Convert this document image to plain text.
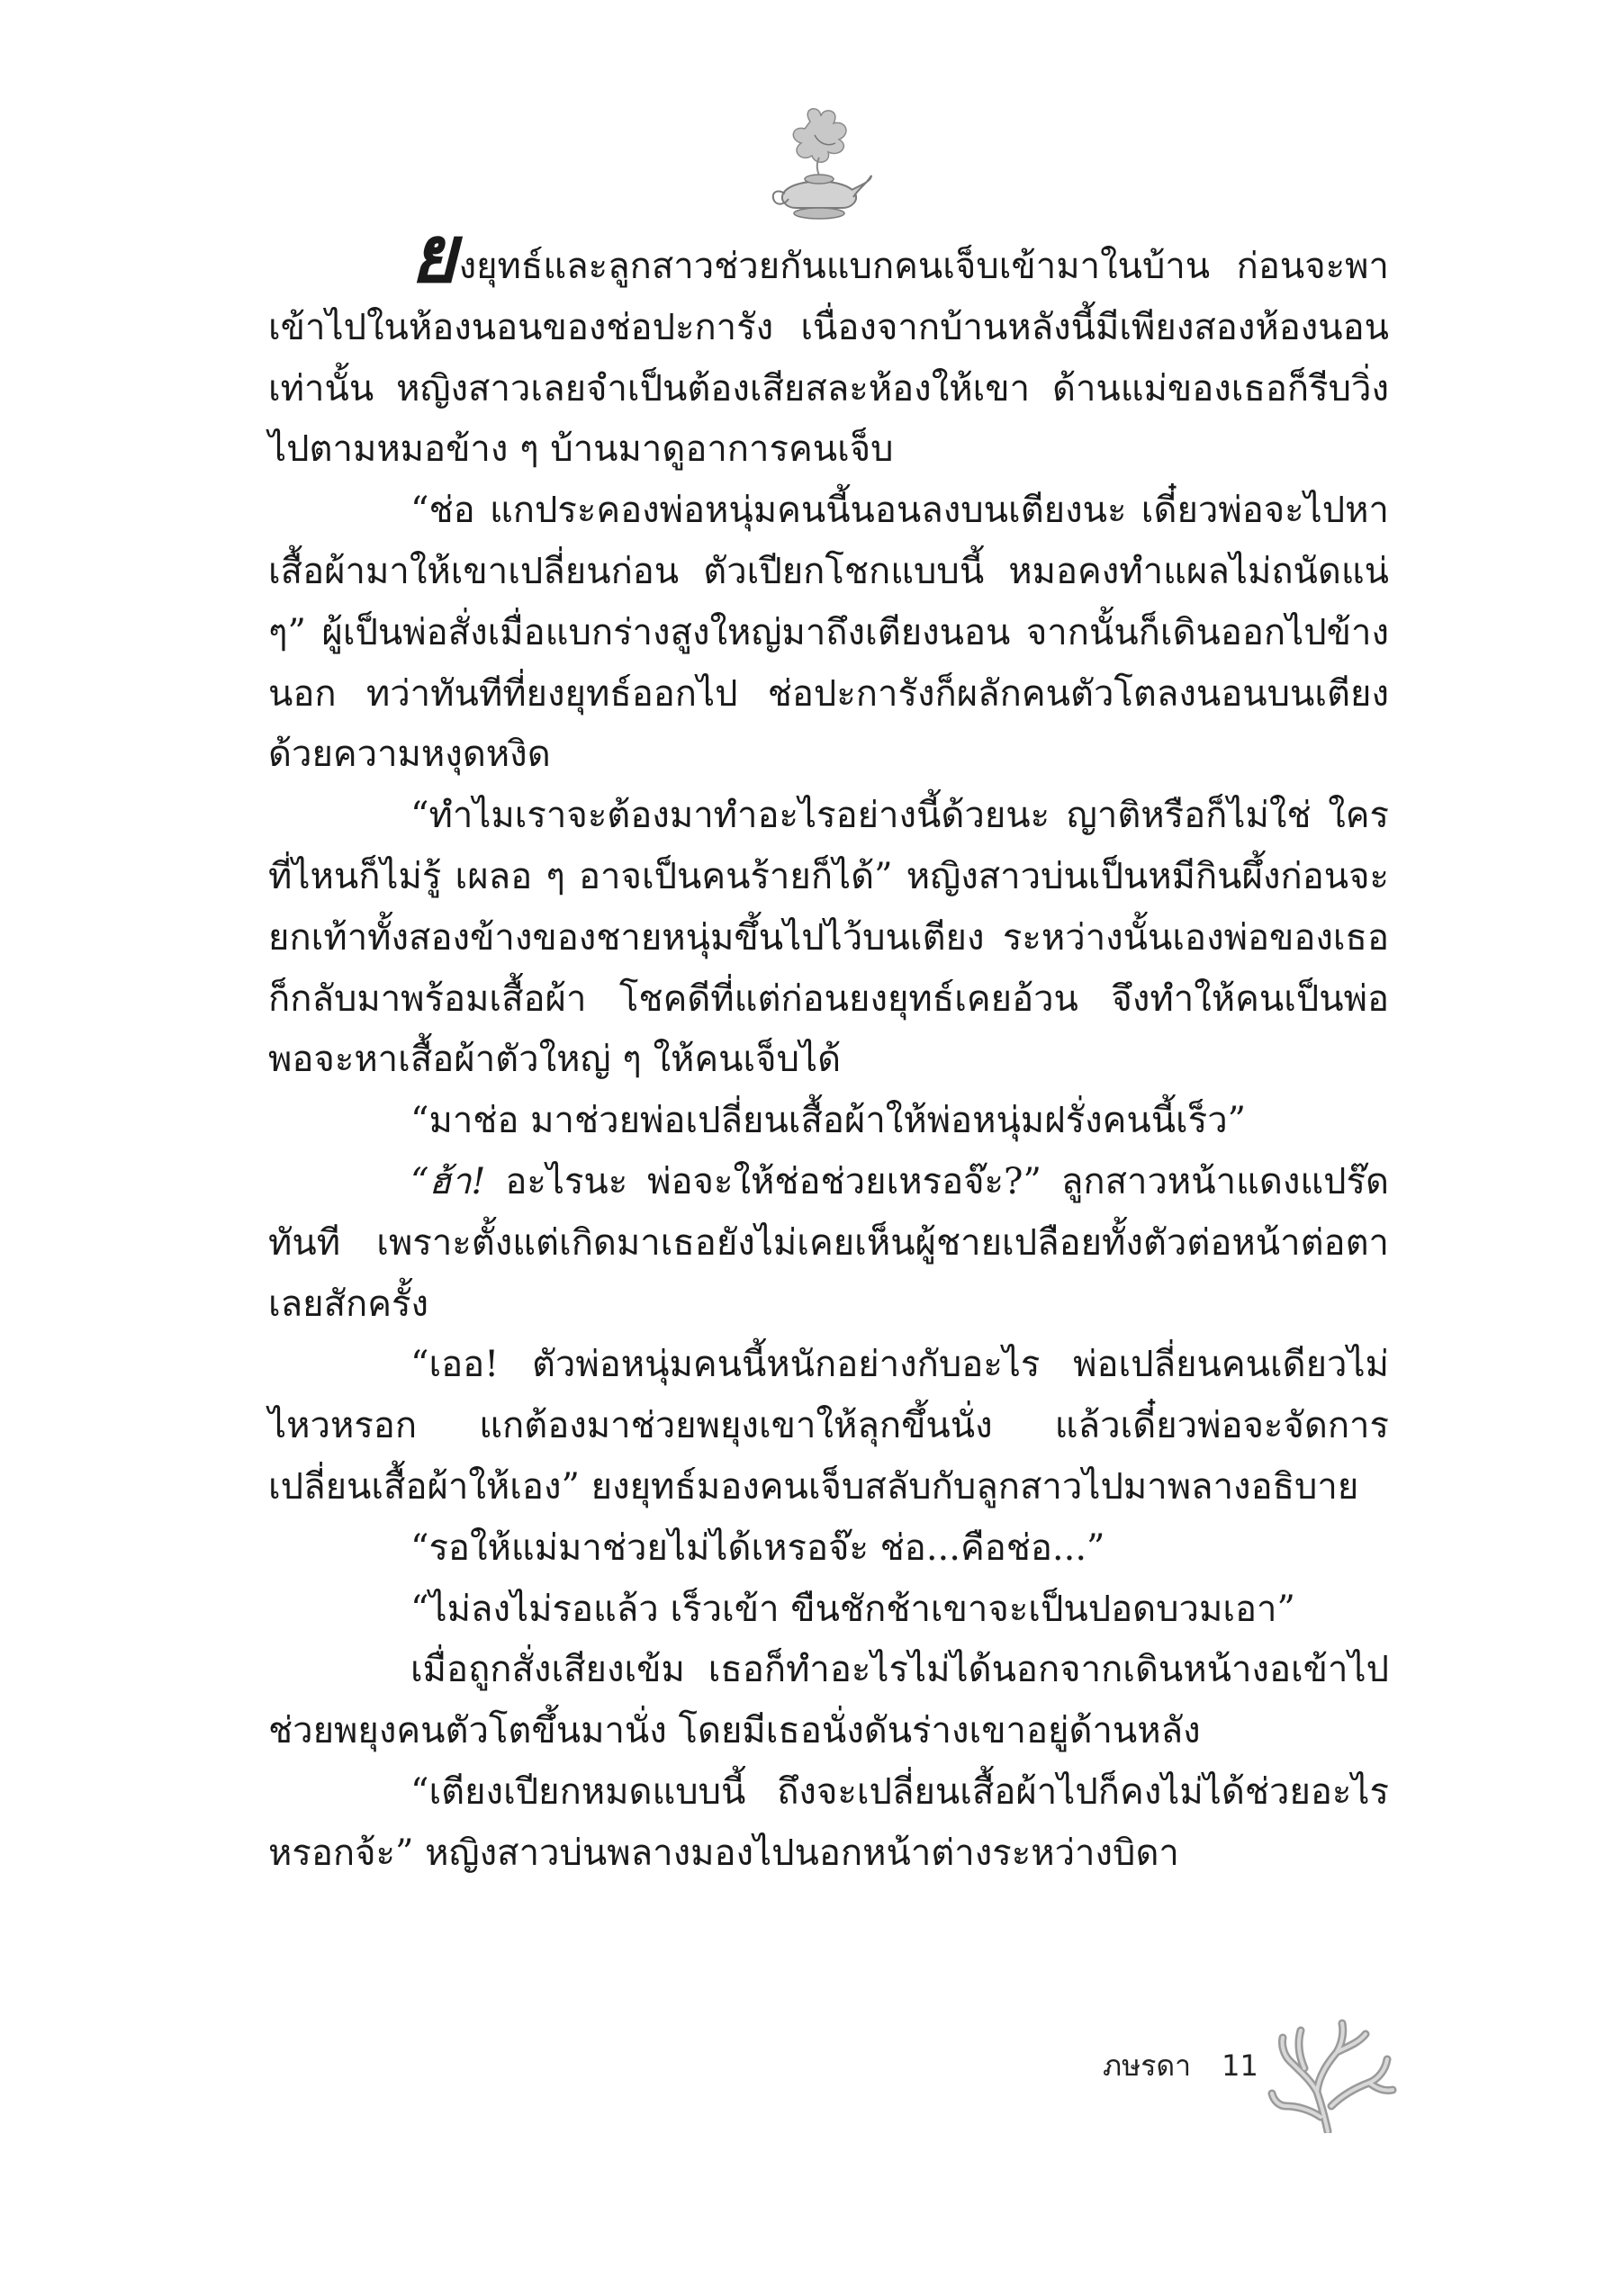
ยงยุทธ์และลูกสาวช่วยกันแบกคนเจ็บเข้ามาในบ้าน ก่อนจะพาเข้าไปในห้องนอนของช่อปะการัง เนื่องจากบ้านหลังนี้มีเพียงสองห้องนอนเท่านั้น หญิงสาวเลยจำเป็นต้องเสียสละห้องให้เขา ด้านแม่ของเธอก็รีบวิ่งไปตามหมอข้าง ๆ บ้านมาดูอาการคนเจ็บ

“ช่อ แกประคองพ่อหนุ่มคนนี้นอนลงบนเตียงนะ เดี๋ยวพ่อจะไปหาเสื้อผ้ามาให้เขาเปลี่ยนก่อน ตัวเปียกโชกแบบนี้ หมอคงทำแผลไม่ถนัดแน่ ๆ” ผู้เป็นพ่อสั่งเมื่อแบกร่างสูงใหญ่มาถึงเตียงนอน จากนั้นก็เดินออกไปข้างนอก ทว่าทันทีที่ยงยุทธ์ออกไป ช่อปะการังก็ผลักคนตัวโตลงนอนบนเตียงด้วยความหงุดหงิด

“ทำไมเราจะต้องมาทำอะไรอย่างนี้ด้วยนะ ญาติหรือก็ไม่ใช่ ใครที่ไหนก็ไม่รู้ เผลอ ๆ อาจเป็นคนร้ายก็ได้” หญิงสาวบ่นเป็นหมีกินผึ้งก่อนจะยกเท้าทั้งสองข้างของชายหนุ่มขึ้นไปไว้บนเตียง ระหว่างนั้นเองพ่อของเธอก็กลับมาพร้อมเสื้อผ้า โชคดีที่แต่ก่อนยงยุทธ์เคยอ้วน จึงทำให้คนเป็นพ่อพอจะหาเสื้อผ้าตัวใหญ่ ๆ ให้คนเจ็บได้

“มาช่อ มาช่วยพ่อเปลี่ยนเสื้อผ้าให้พ่อหนุ่มฝรั่งคนนี้เร็ว”

“ฮ้า! อะไรนะ พ่อจะให้ช่อช่วยเหรอจ๊ะ?” ลูกสาวหน้าแดงแปร๊ดทันที เพราะตั้งแต่เกิดมาเธอยังไม่เคยเห็นผู้ชายเปลือยทั้งตัวต่อหน้าต่อตาเลยสักครั้ง

“เออ! ตัวพ่อหนุ่มคนนี้หนักอย่างกับอะไร พ่อเปลี่ยนคนเดียวไม่ไหวหรอก แกต้องมาช่วยพยุงเขาให้ลุกขึ้นนั่ง แล้วเดี๋ยวพ่อจะจัดการเปลี่ยนเสื้อผ้าให้เอง” ยงยุทธ์มองคนเจ็บสลับกับลูกสาวไปมาพลางอธิบาย

“รอให้แม่มาช่วยไม่ได้เหรอจ๊ะ ช่อ...คือช่อ...”

“ไม่ลงไม่รอแล้ว เร็วเข้า ขืนชักช้าเขาจะเป็นปอดบวมเอา”

เมื่อถูกสั่งเสียงเข้ม เธอก็ทำอะไรไม่ได้นอกจากเดินหน้างอเข้าไปช่วยพยุงคนตัวโตขึ้นมานั่ง โดยมีเธอนั่งดันร่างเขาอยู่ด้านหลัง

“เตียงเปียกหมดแบบนี้ ถึงจะเปลี่ยนเสื้อผ้าไปก็คงไม่ได้ช่วยอะไรหรอกจ้ะ” หญิงสาวบ่นพลางมองไปนอกหน้าต่างระหว่างบิดา

ภษรดา 11
